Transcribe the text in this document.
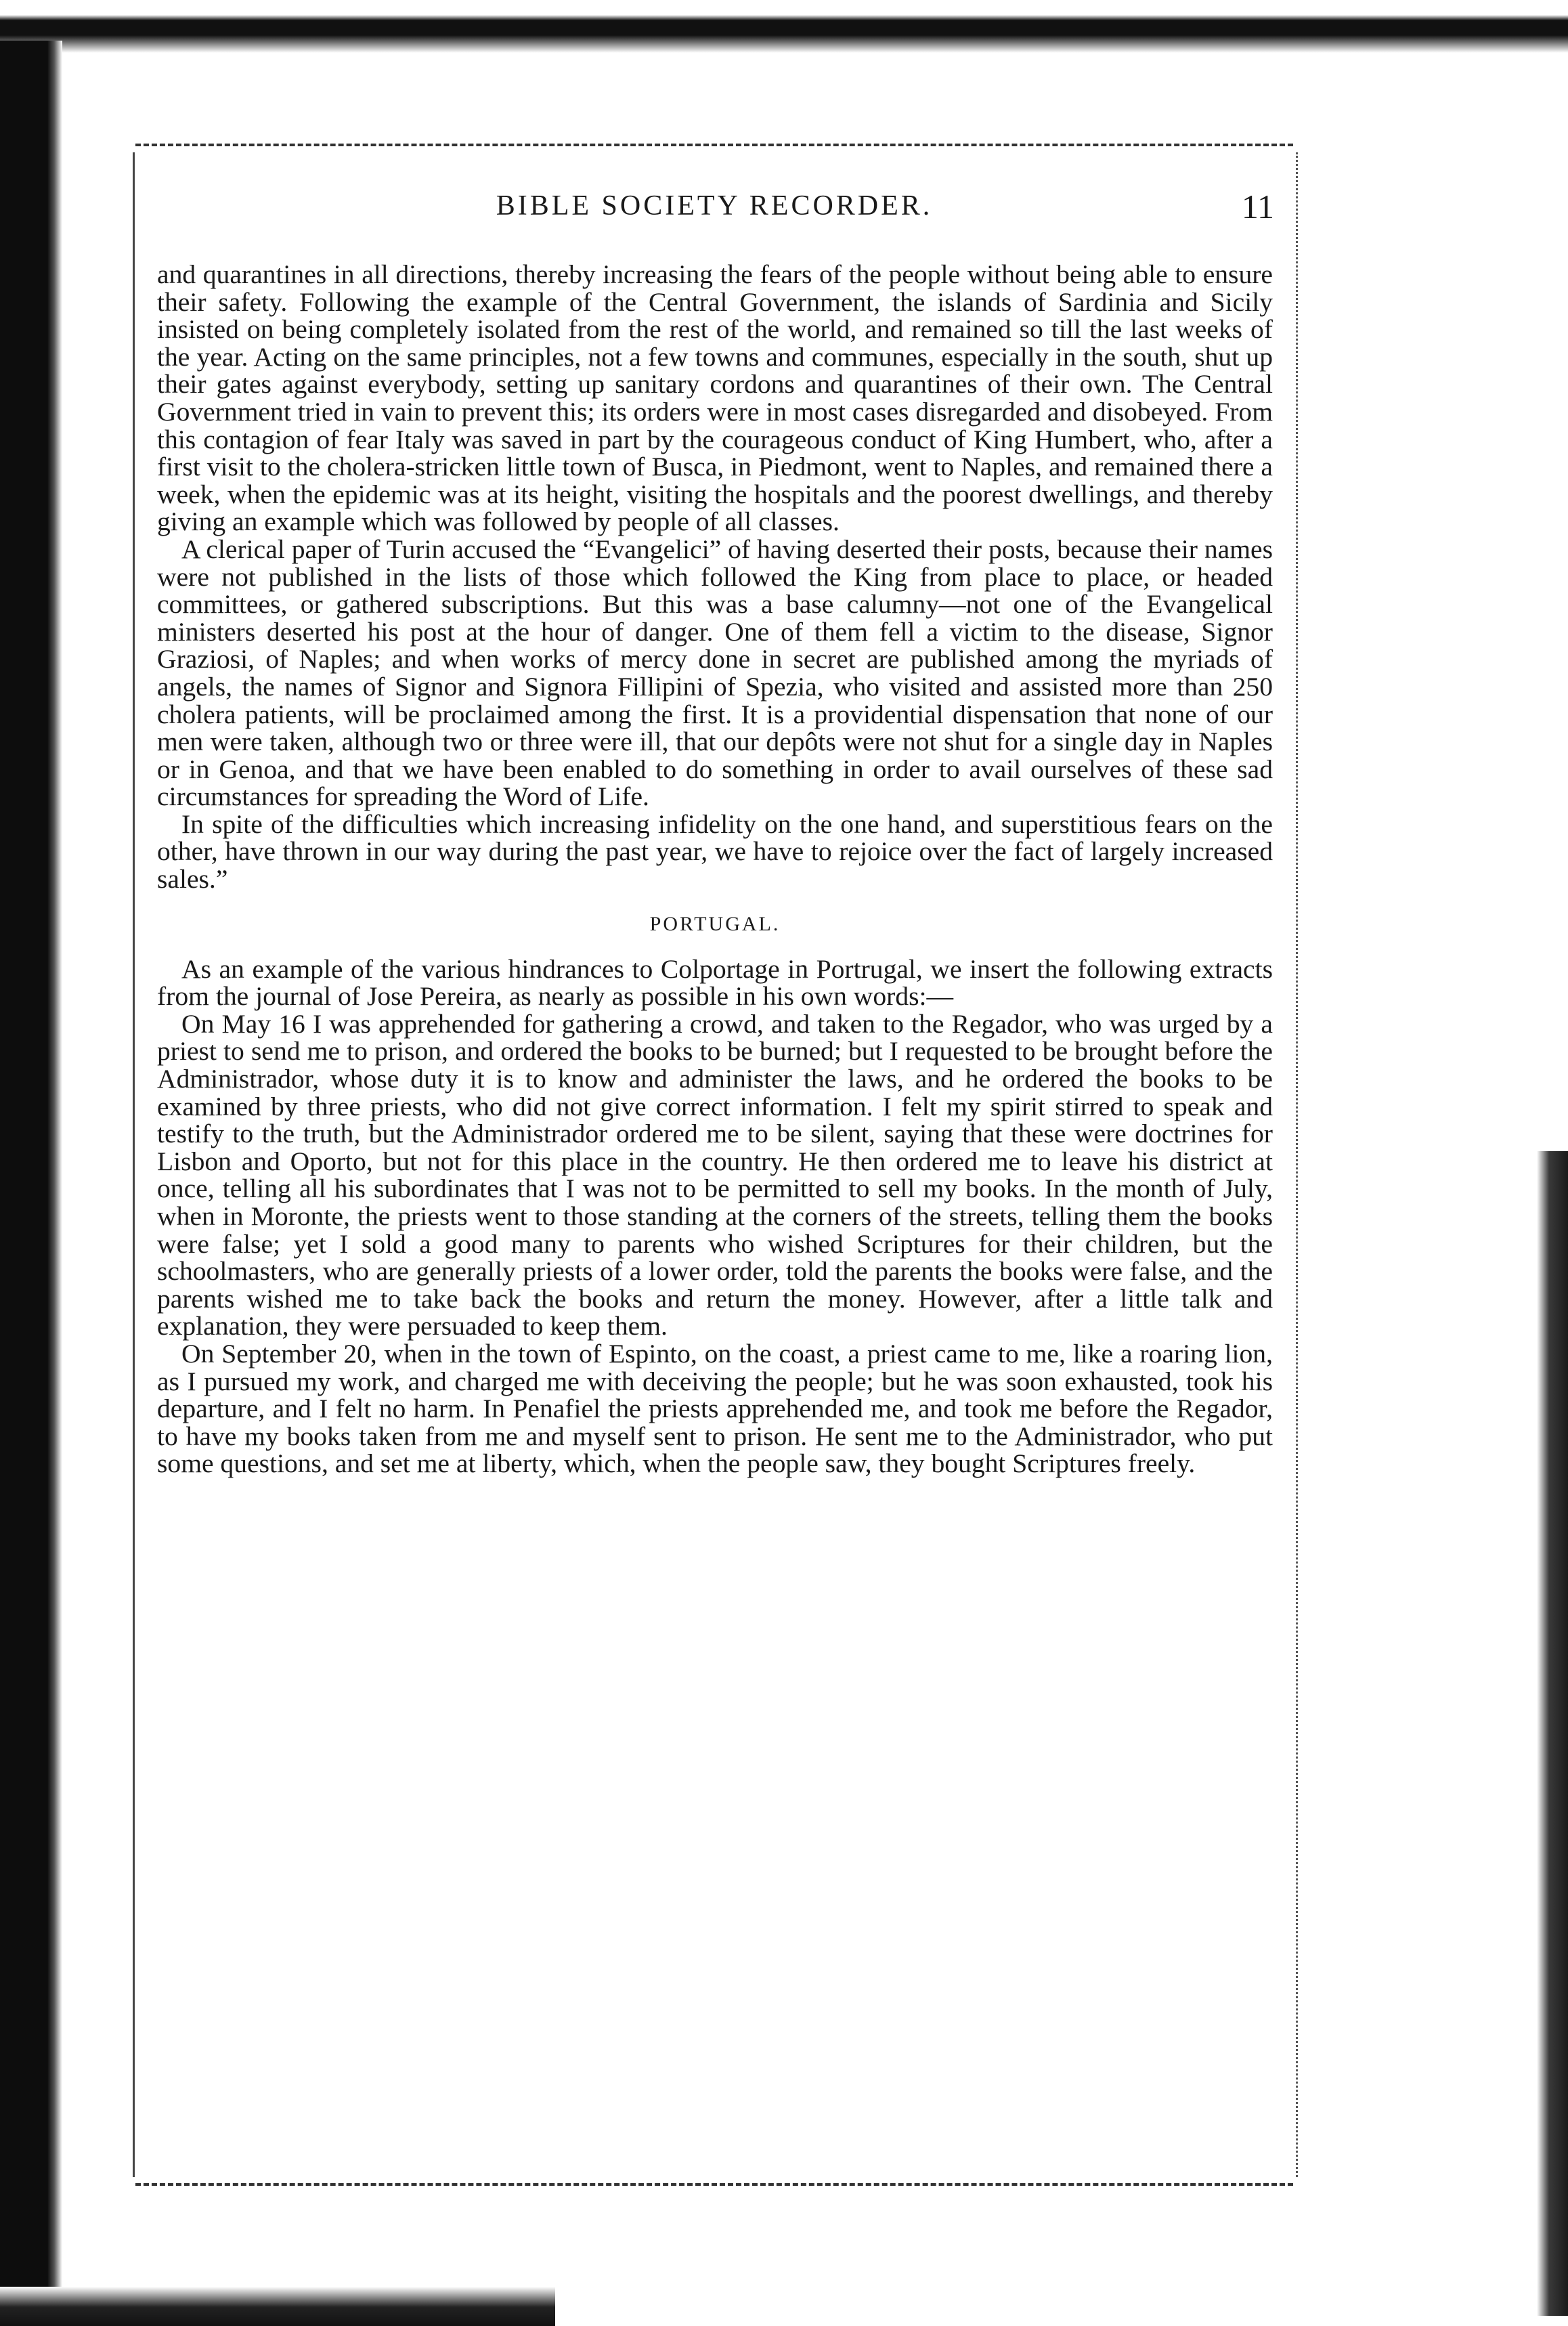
BIBLE SOCIETY RECORDER.	11

and quarantines in all directions, thereby increasing the fears of the people without being able to ensure their safety. Following the example of the Central Government, the islands of Sardinia and Sicily insisted on being completely isolated from the rest of the world, and remained so till the last weeks of the year. Acting on the same principles, not a few towns and communes, especially in the south, shut up their gates against everybody, setting up sanitary cordons and quarantines of their own. The Central Government tried in vain to prevent this; its orders were in most cases disregarded and disobeyed. From this contagion of fear Italy was saved in part by the courageous conduct of King Humbert, who, after a first visit to the cholera-stricken little town of Busca, in Piedmont, went to Naples, and remained there a week, when the epidemic was at its height, visiting the hospitals and the poorest dwellings, and thereby giving an example which was followed by people of all classes.

A clerical paper of Turin accused the “Evangelici” of having deserted their posts, because their names were not published in the lists of those which followed the King from place to place, or headed committees, or gathered subscriptions. But this was a base calumny—not one of the Evangelical ministers deserted his post at the hour of danger. One of them fell a victim to the disease, Signor Graziosi, of Naples; and when works of mercy done in secret are published among the myriads of angels, the names of Signor and Signora Fillipini of Spezia, who visited and assisted more than 250 cholera patients, will be proclaimed among the first. It is a providential dispensation that none of our men were taken, although two or three were ill, that our depôts were not shut for a single day in Naples or in Genoa, and that we have been enabled to do something in order to avail ourselves of these sad circumstances for spreading the Word of Life.

In spite of the difficulties which increasing infidelity on the one hand, and superstitious fears on the other, have thrown in our way during the past year, we have to rejoice over the fact of largely increased sales.”

PORTUGAL.

As an example of the various hindrances to Colportage in Portrugal, we insert the following extracts from the journal of Jose Pereira, as nearly as possible in his own words:—

On May 16 I was apprehended for gathering a crowd, and taken to the Regador, who was urged by a priest to send me to prison, and ordered the books to be burned; but I requested to be brought before the Administrador, whose duty it is to know and administer the laws, and he ordered the books to be examined by three priests, who did not give correct information. I felt my spirit stirred to speak and testify to the truth, but the Administrador ordered me to be silent, saying that these were doctrines for Lisbon and Oporto, but not for this place in the country. He then ordered me to leave his district at once, telling all his subordinates that I was not to be permitted to sell my books. In the month of July, when in Moronte, the priests went to those standing at the corners of the streets, telling them the books were false; yet I sold a good many to parents who wished Scriptures for their children, but the schoolmasters, who are generally priests of a lower order, told the parents the books were false, and the parents wished me to take back the books and return the money. However, after a little talk and explanation, they were persuaded to keep them.

On September 20, when in the town of Espinto, on the coast, a priest came to me, like a roaring lion, as I pursued my work, and charged me with deceiving the people; but he was soon exhausted, took his departure, and I felt no harm. In Penafiel the priests apprehended me, and took me before the Regador, to have my books taken from me and myself sent to prison. He sent me to the Administrador, who put some questions, and set me at liberty, which, when the people saw, they bought Scriptures freely.
